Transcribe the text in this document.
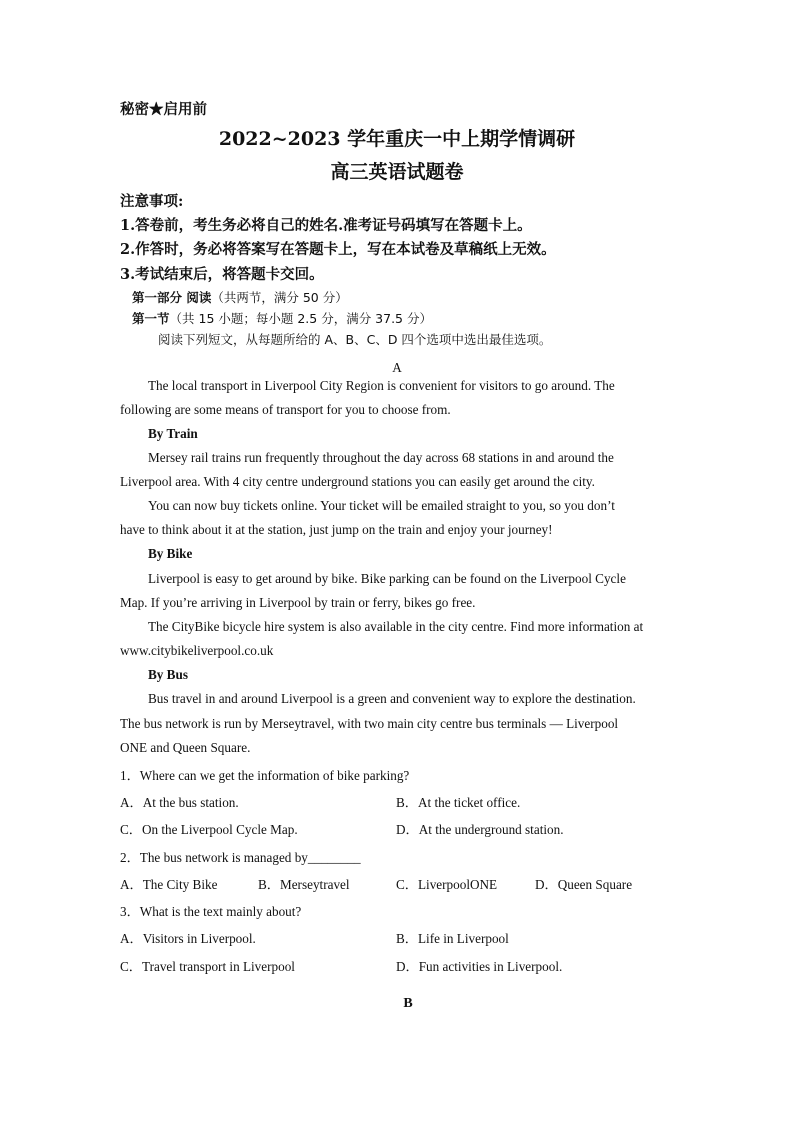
秘密★启用前
2022~2023 学年重庆一中上期学情调研
高三英语试题卷
注意事项:
1.答卷前，考生务必将自己的姓名.准考证号码填写在答题卡上。
2.作答时，务必将答案写在答题卡上，写在本试卷及草稿纸上无效。
3.考试结束后，将答题卡交回。
第一部分 阅读（共两节，满分 50 分）
第一节（共 15 小题；每小题 2.5 分，满分 37.5 分）
阅读下列短文，从每题所给的 A、B、C、D 四个选项中选出最佳选项。
A
The local transport in Liverpool City Region is convenient for visitors to go around. The
following are some means of transport for you to choose from.
By Train
Mersey rail trains run frequently throughout the day across 68 stations in and around the
Liverpool area. With 4 city centre underground stations you can easily get around the city.
You can now buy tickets online. Your ticket will be emailed straight to you, so you don’t
have to think about it at the station, just jump on the train and enjoy your journey!
By Bike
Liverpool is easy to get around by bike. Bike parking can be found on the Liverpool Cycle
Map. If you’re arriving in Liverpool by train or ferry, bikes go free.
The CityBike bicycle hire system is also available in the city centre. Find more information at
www.citybikeliverpool.co.uk
By Bus
Bus travel in and around Liverpool is a green and convenient way to explore the destination.
The bus network is run by Merseytravel, with two main city centre bus terminals — Liverpool
ONE and Queen Square.
1．Where can we get the information of bike parking?
A．At the bus station.	B．At the ticket office.
C．On the Liverpool Cycle Map.	D．At the underground station.
2．The bus network is managed by________
A．The City Bike	B．Merseytravel	C．LiverpoolONE	D．Queen Square
3．What is the text mainly about?
A．Visitors in Liverpool.	B．Life in Liverpool
C．Travel transport in Liverpool	D．Fun activities in Liverpool.
B
